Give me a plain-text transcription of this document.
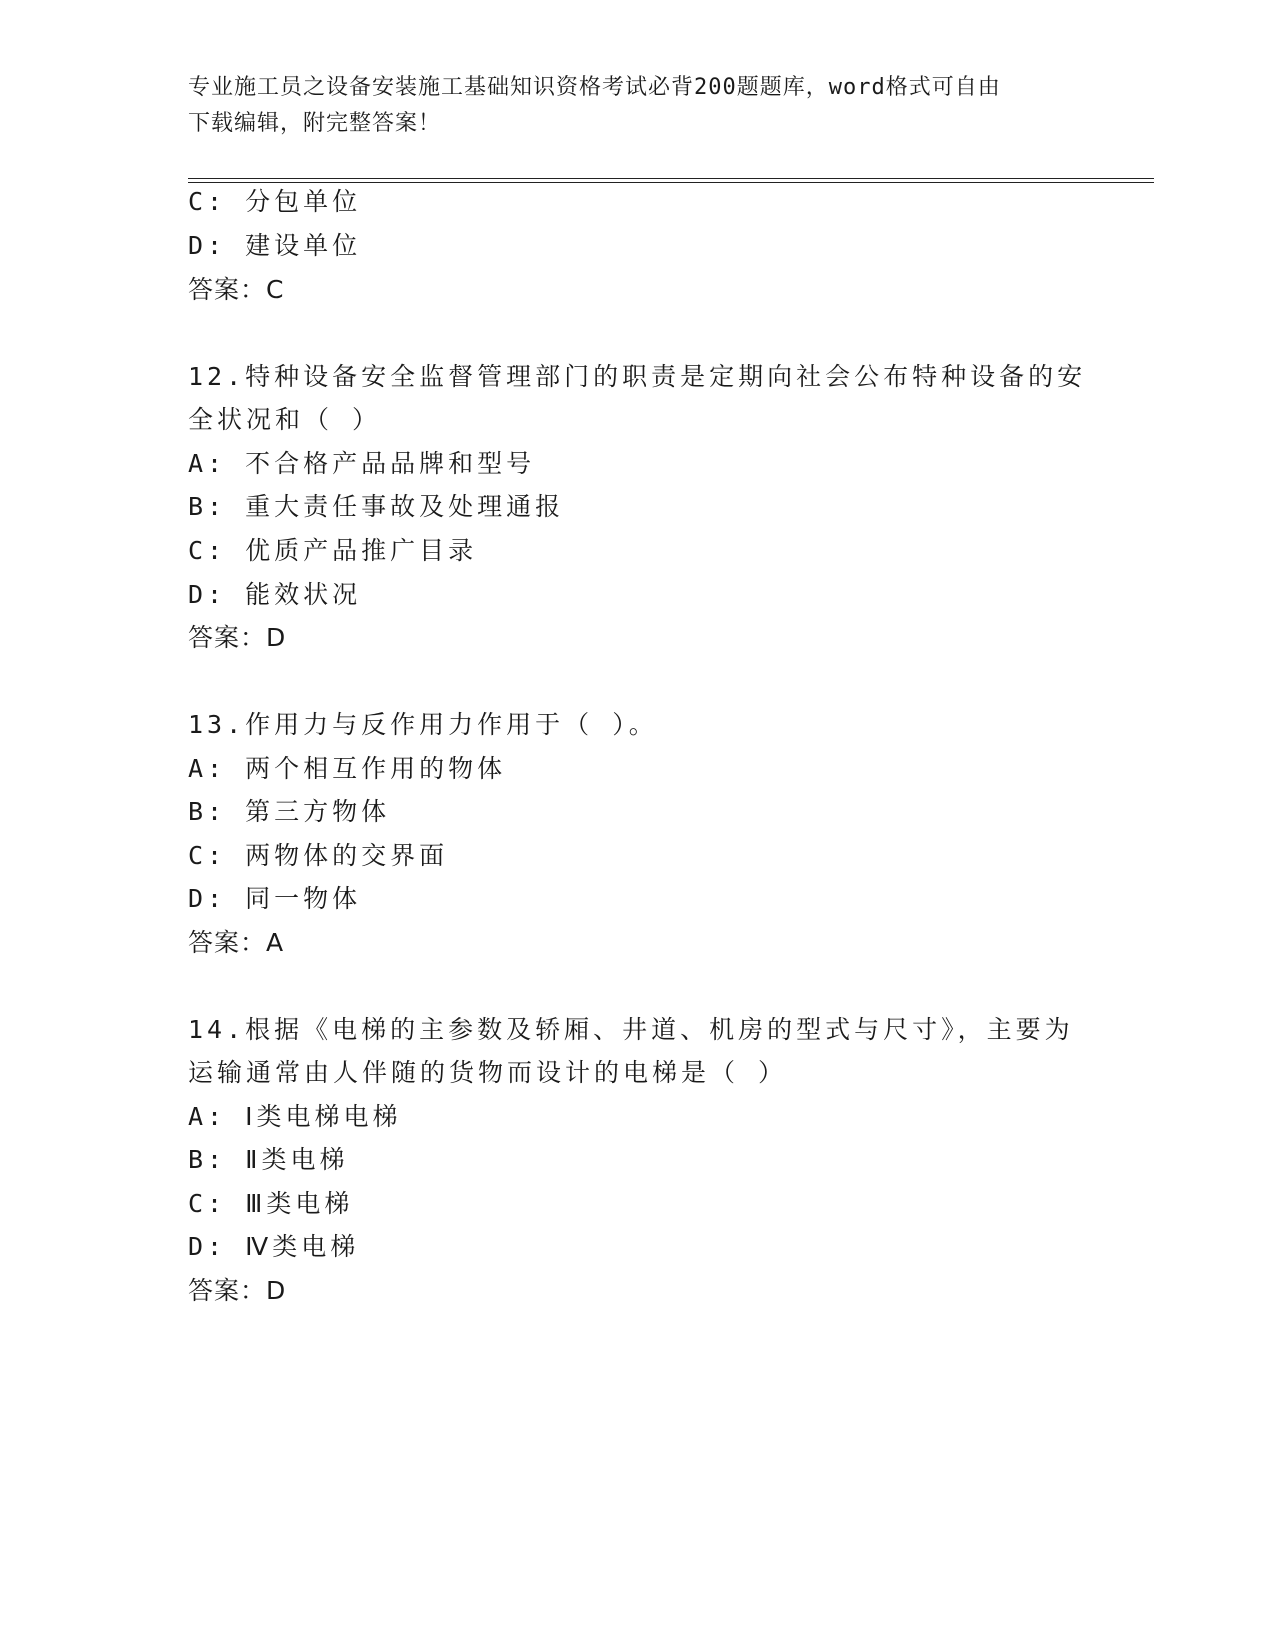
专业施工员之设备安装施工基础知识资格考试必背200题题库，word格式可自由
下载编辑，附完整答案！
C: 分包单位
D: 建设单位
答案：C
12.特种设备安全监督管理部门的职责是定期向社会公布特种设备的安
全状况和（ ）
A: 不合格产品品牌和型号
B: 重大责任事故及处理通报
C: 优质产品推广目录
D: 能效状况
答案：D
13.作用力与反作用力作用于（ ）。
A: 两个相互作用的物体
B: 第三方物体
C: 两物体的交界面
D: 同一物体
答案：A
14.根据《电梯的主参数及轿厢、井道、机房的型式与尺寸》，主要为
运输通常由人伴随的货物而设计的电梯是（ ）
A: Ⅰ类电梯电梯
B: Ⅱ类电梯
C: Ⅲ类电梯
D: Ⅳ类电梯
答案：D
